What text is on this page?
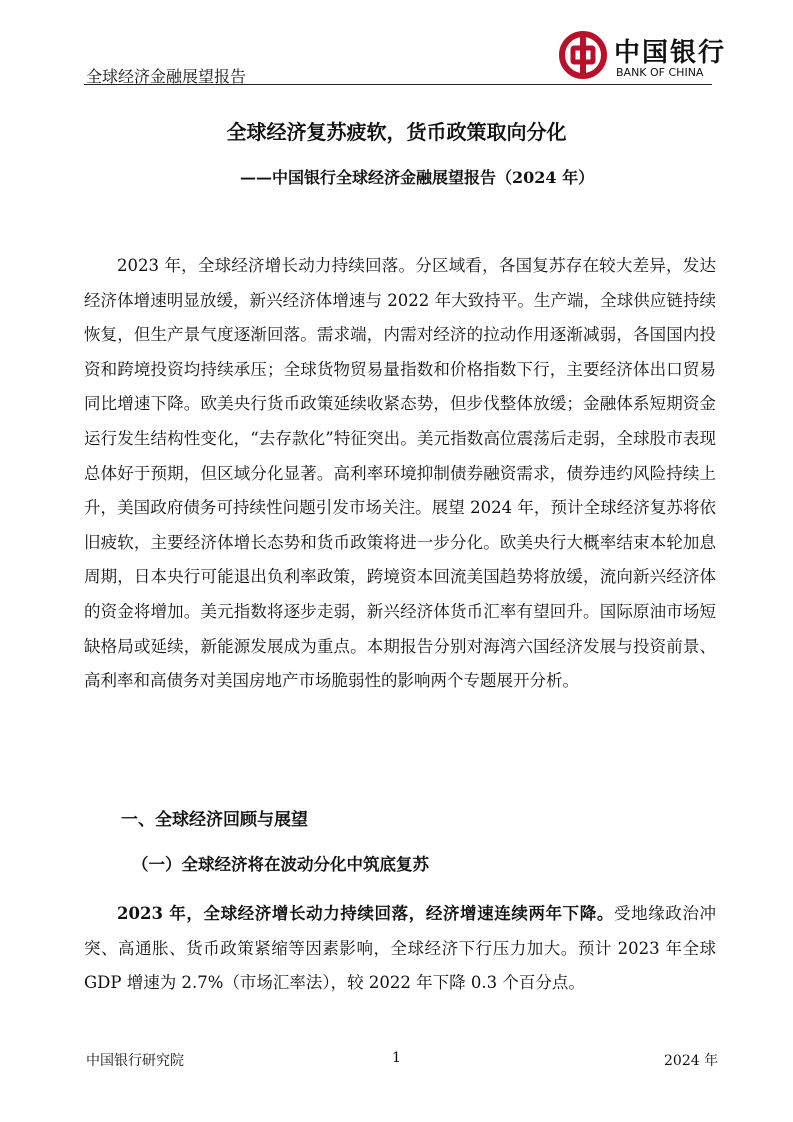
全球经济金融展望报告
中国银行
BANK OF CHINA
全球经济复苏疲软，货币政策取向分化
——中国银行全球经济金融展望报告（2024 年）
2023 年，全球经济增长动力持续回落。分区域看，各国复苏存在较大差异，发达经济体增速明显放缓，新兴经济体增速与 2022 年大致持平。生产端，全球供应链持续恢复，但生产景气度逐渐回落。需求端，内需对经济的拉动作用逐渐减弱，各国国内投资和跨境投资均持续承压；全球货物贸易量指数和价格指数下行，主要经济体出口贸易同比增速下降。欧美央行货币政策延续收紧态势，但步伐整体放缓；金融体系短期资金运行发生结构性变化，“去存款化”特征突出。美元指数高位震荡后走弱，全球股市表现总体好于预期，但区域分化显著。高利率环境抑制债券融资需求，债券违约风险持续上升，美国政府债务可持续性问题引发市场关注。展望 2024 年，预计全球经济复苏将依旧疲软，主要经济体增长态势和货币政策将进一步分化。欧美央行大概率结束本轮加息周期，日本央行可能退出负利率政策，跨境资本回流美国趋势将放缓，流向新兴经济体的资金将增加。美元指数将逐步走弱，新兴经济体货币汇率有望回升。国际原油市场短缺格局或延续，新能源发展成为重点。本期报告分别对海湾六国经济发展与投资前景、高利率和高债务对美国房地产市场脆弱性的影响两个专题展开分析。
一、全球经济回顾与展望
（一）全球经济将在波动分化中筑底复苏
2023 年，全球经济增长动力持续回落，经济增速连续两年下降。受地缘政治冲突、高通胀、货币政策紧缩等因素影响，全球经济下行压力加大。预计 2023 年全球 GDP 增速为 2.7%（市场汇率法），较 2022 年下降 0.3 个百分点。
中国银行研究院	1	2024 年
